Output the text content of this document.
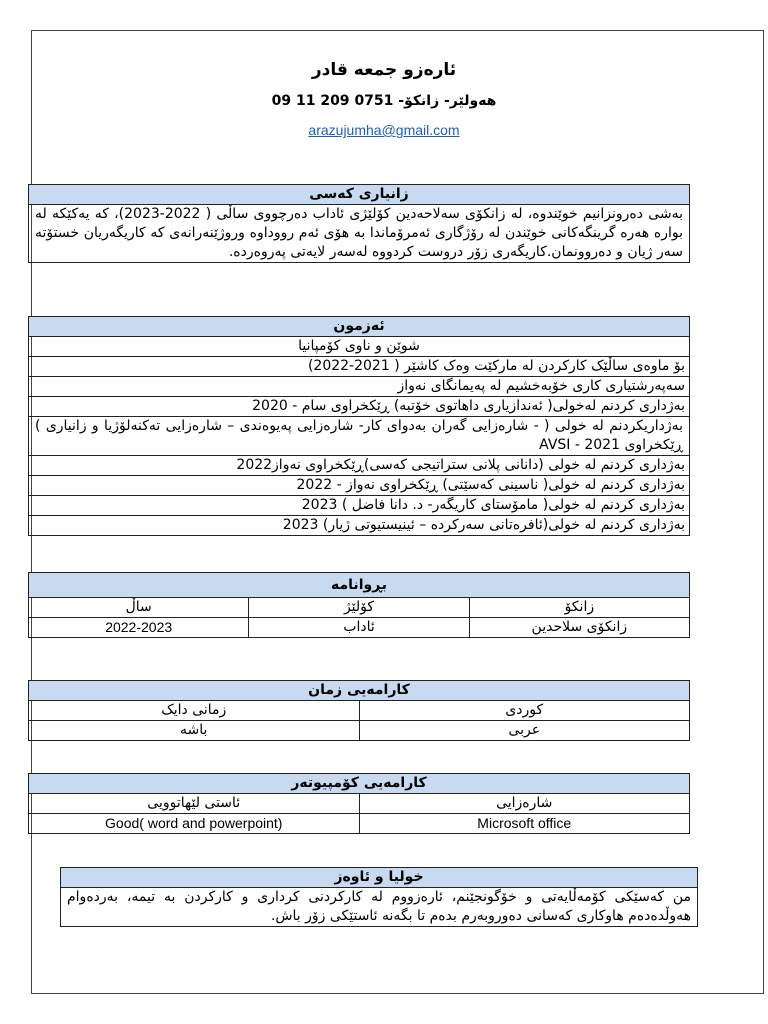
ئارەزو جمعە قادر
هەولێر- زانکۆ- 0751 209 11 09
arazujumha@gmail.com
زانیاری کەسی
بەشی دەرونزانیم خوێندوە، لە زانکۆی سەلاحەدین کۆلێژی ئاداب دەرچووی ساڵی ( 2022-2023)، کە یەکێکە لە بوارە هەرە گرینگەکانی خوێندن لە رۆژگاری ئەمرۆماندا بە هۆی ئەم رووداوە وروژێنەرانەی کە کاریگەریان خستۆتە سەر ژیان و دەروونمان.کاریگەری زۆر دروست کردووە لەسەر لایەتی پەروەردە.
ئەزمون
شوێن و ناوی کۆمپانیا
بۆ ماوەی ساڵێک کارکردن لە مارکێت وەک کاشێر ( 2021-2022)
سەپەرشتیاری کاری خۆبەخشیم لە پەیمانگای نەواز
بەژداری کردنم لەخولی( ئەندازیاری داهاتوی خۆتبە) ڕێکخراوی سام - 2020
بەژداریکردنم لە خولی ( - شارەزایی گەران بەدوای کار- شارەزایی پەیوەندی – شارەزایی تەکنەلۆژیا و زانیاری ) ڕێکخراوی AVSI - 2021
بەژداری کردنم لە خولی (دانانی پلانی ستراتیجی کەسی)ڕێکخراوی نەواز2022
بەژداری کردنم لە خولی( ناسینی کەسێتی) ڕێکخراوی نەواز - 2022
بەژداری کردنم لە خولی( مامۆستای کاریگەر- د. دانا فاضل ) 2023
بەژداری کردنم لە خولی(ئافرەتانی سەرکردە – ئینیستیوتی ژیار) 2023
بڕوانامە		
زانکۆ	کۆلێژ	ساڵ
زانکۆی سلاحدین	ئاداب	2022-2023
کارامەیی زمان	
کوردی	زمانی دایک
عربی	باشە
کارامەیی کۆمپیوتەر	
شارەزایی	ئاستی لێهاتوویی
Microsoft office	Good( word and powerpoint)
خولیا و ئاوەز

من کەسێکی کۆمەڵایەتی و خۆگونجێنم، ئارەزووم لە کارکردنی کرداری و کارکردن بە تیمە، بەردەوام هەوڵدەدەم هاوکاری کەسانی دەوروبەرم بدەم تا بگەنە ئاستێکی زۆر باش.
